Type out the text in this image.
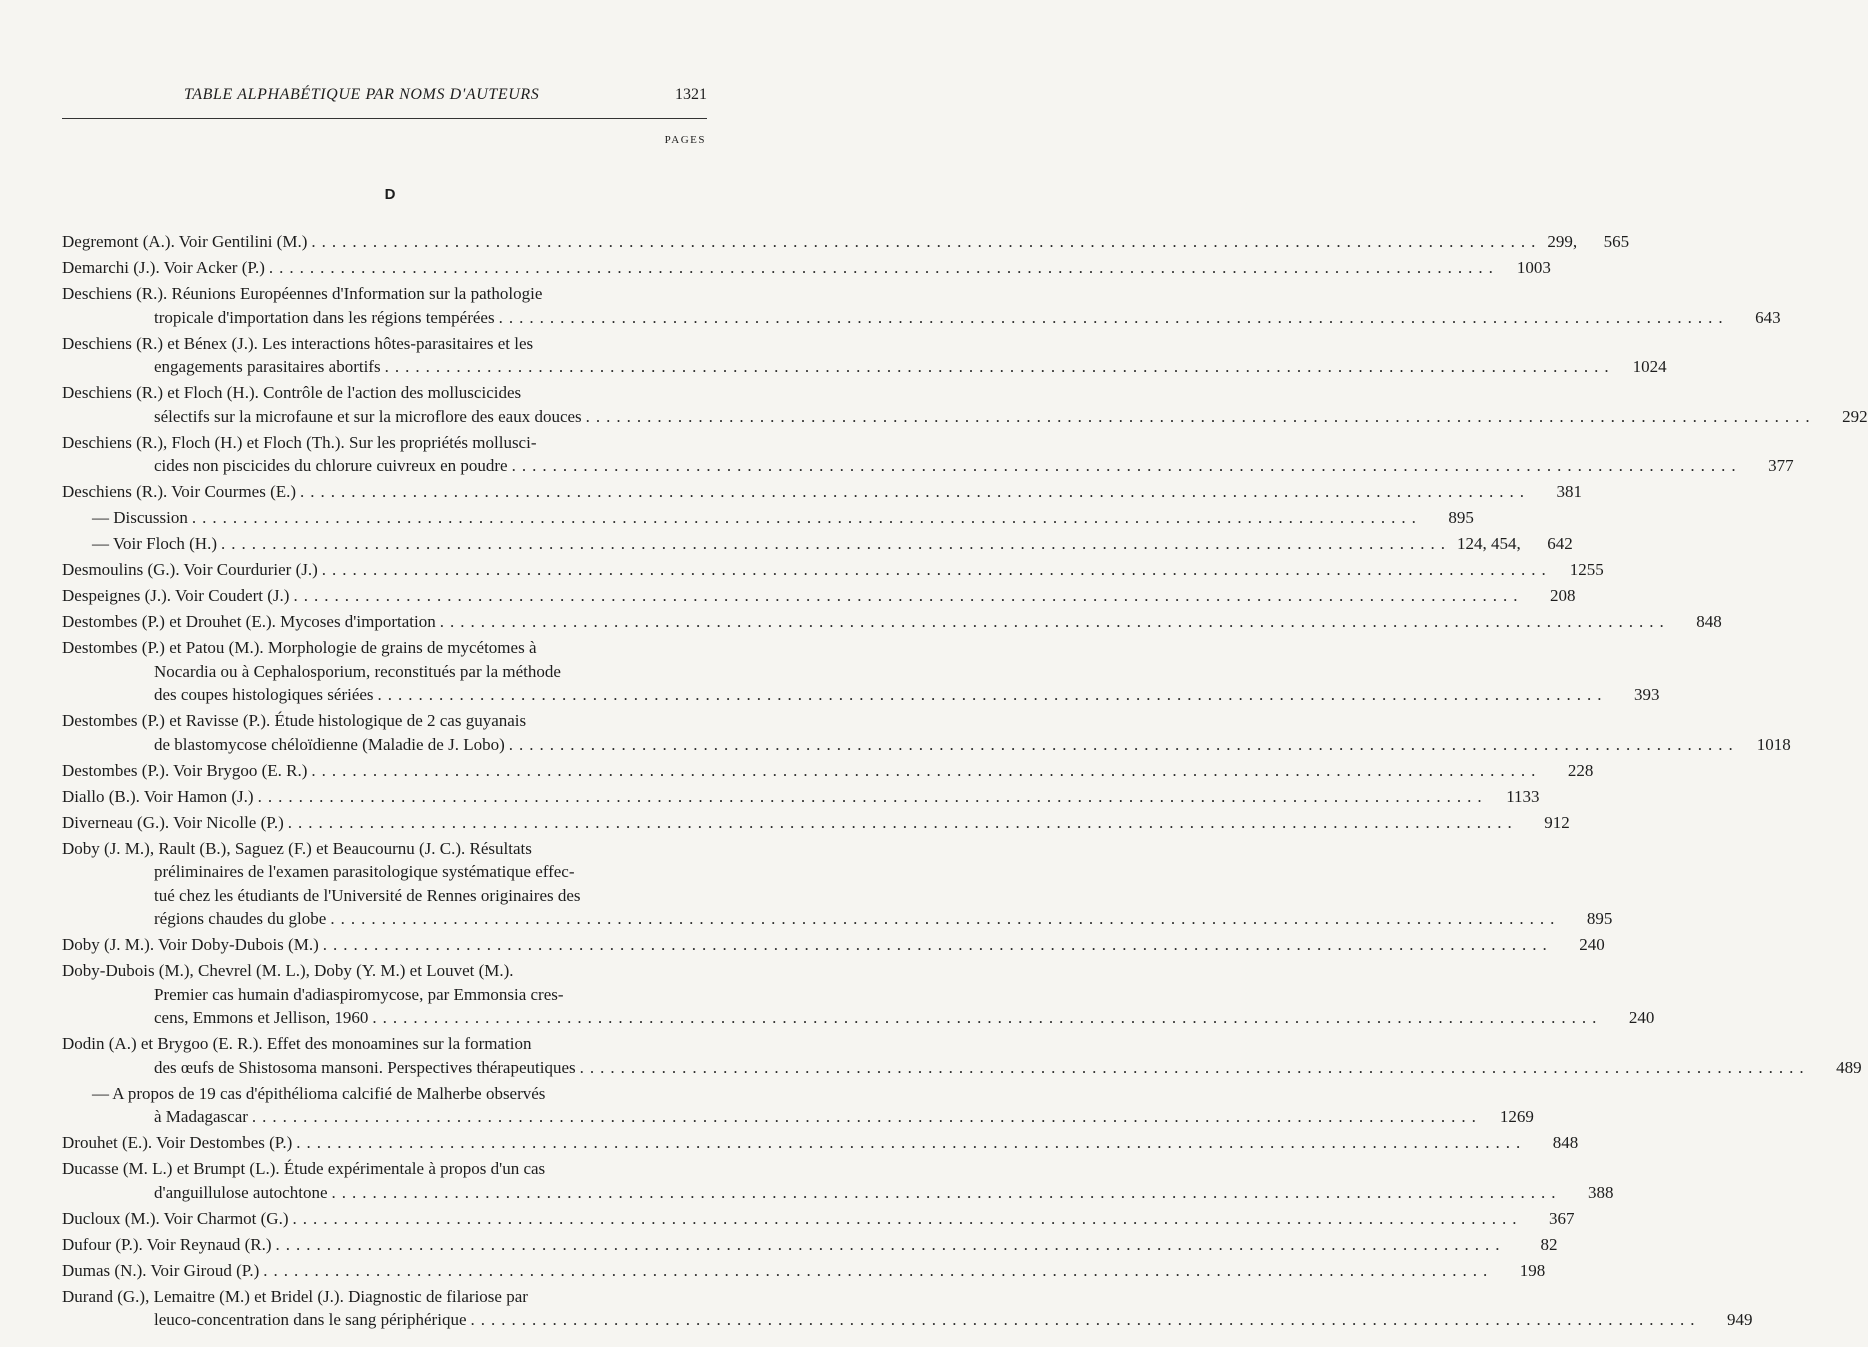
TABLE ALPHABÉTIQUE PAR NOMS D'AUTEURS	1321
PAGES
D
Degremont (A.). Voir Gentilini (M.) ........................................................................................................................ 299,	565
Demarchi (J.). Voir Acker (P.) ........................................................................................................................	1003
Deschiens (R.). Réunions Européennes d'Information sur la pathologie
tropicale d'importation dans les régions tempérées ........................................................................................................................	643
Deschiens (R.) et Bénex (J.). Les interactions hôtes-parasitaires et les
engagements parasitaires abortifs ........................................................................................................................	1024
Deschiens (R.) et Floch (H.). Contrôle de l'action des molluscicides
sélectifs sur la microfaune et sur la microflore des eaux douces ........................................................................................................................	292
Deschiens (R.), Floch (H.) et Floch (Th.). Sur les propriétés mollusci-
cides non piscicides du chlorure cuivreux en poudre ........................................................................................................................	377
Deschiens (R.). Voir Courmes (E.) ........................................................................................................................	381
— Discussion ........................................................................................................................	895
— Voir Floch (H.) ........................................................................................................................ 124, 454,	642
Desmoulins (G.). Voir Courdurier (J.) ........................................................................................................................	1255
Despeignes (J.). Voir Coudert (J.) ........................................................................................................................	208
Destombes (P.) et Drouhet (E.). Mycoses d'importation ........................................................................................................................	848
Destombes (P.) et Patou (M.). Morphologie de grains de mycétomes à
Nocardia ou à Cephalosporium, reconstitués par la méthode
des coupes histologiques sériées ........................................................................................................................	393
Destombes (P.) et Ravisse (P.). Étude histologique de 2 cas guyanais
de blastomycose chéloïdienne (Maladie de J. Lobo) ........................................................................................................................	1018
Destombes (P.). Voir Brygoo (E. R.) ........................................................................................................................	228
Diallo (B.). Voir Hamon (J.) ........................................................................................................................	1133
Diverneau (G.). Voir Nicolle (P.) ........................................................................................................................	912
Doby (J. M.), Rault (B.), Saguez (F.) et Beaucournu (J. C.). Résultats
préliminaires de l'examen parasitologique systématique effec-
tué chez les étudiants de l'Université de Rennes originaires des
régions chaudes du globe ........................................................................................................................	895
Doby (J. M.). Voir Doby-Dubois (M.) ........................................................................................................................	240
Doby-Dubois (M.), Chevrel (M. L.), Doby (Y. M.) et Louvet (M.).
Premier cas humain d'adiaspiromycose, par Emmonsia cres-
cens, Emmons et Jellison, 1960 ........................................................................................................................	240
Dodin (A.) et Brygoo (E. R.). Effet des monoamines sur la formation
des œufs de Shistosoma mansoni. Perspectives thérapeutiques ........................................................................................................................	489
— A propos de 19 cas d'épithélioma calcifié de Malherbe observés
à Madagascar ........................................................................................................................	1269
Drouhet (E.). Voir Destombes (P.) ........................................................................................................................	848
Ducasse (M. L.) et Brumpt (L.). Étude expérimentale à propos d'un cas
d'anguillulose autochtone ........................................................................................................................	388
Ducloux (M.). Voir Charmot (G.) ........................................................................................................................	367
Dufour (P.). Voir Reynaud (R.) ........................................................................................................................	82
Dumas (N.). Voir Giroud (P.) ........................................................................................................................	198
Durand (G.), Lemaitre (M.) et Bridel (J.). Diagnostic de filariose par
leuco-concentration dans le sang périphérique ........................................................................................................................	949
